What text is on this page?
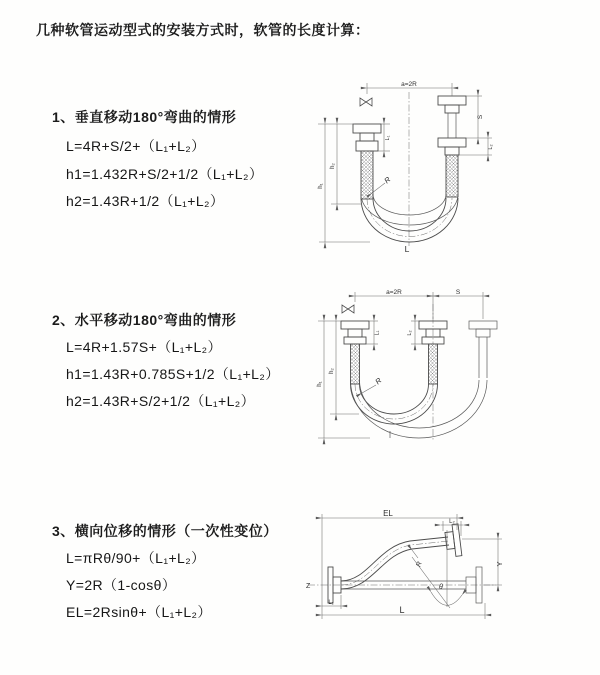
几种软管运动型式的安装方式时，软管的长度计算：
1、垂直移动180°弯曲的情形
L=4R+S/2+（L₁+L₂）
h1=1.432R+S/2+1/2（L₁+L₂）
h2=1.43R+1/2（L₁+L₂）
2、水平移动180°弯曲的情形
L=4R+1.57S+（L₁+L₂）
h1=1.43R+0.785S+1/2（L₁+L₂）
h2=1.43R+S/2+1/2（L₁+L₂）
3、横向位移的情形（一次性变位）
L=πRθ/90+（L₁+L₂）
Y=2R（1-cosθ）
EL=2Rsinθ+（L₁+L₂）
a=2R
h₁
h₂
L₁
S
L₂
R
L
a=2R	S
h₁
h₂
L₁	L₂
R
Z
EL
L₂
Y
L
L₁
R
θ
